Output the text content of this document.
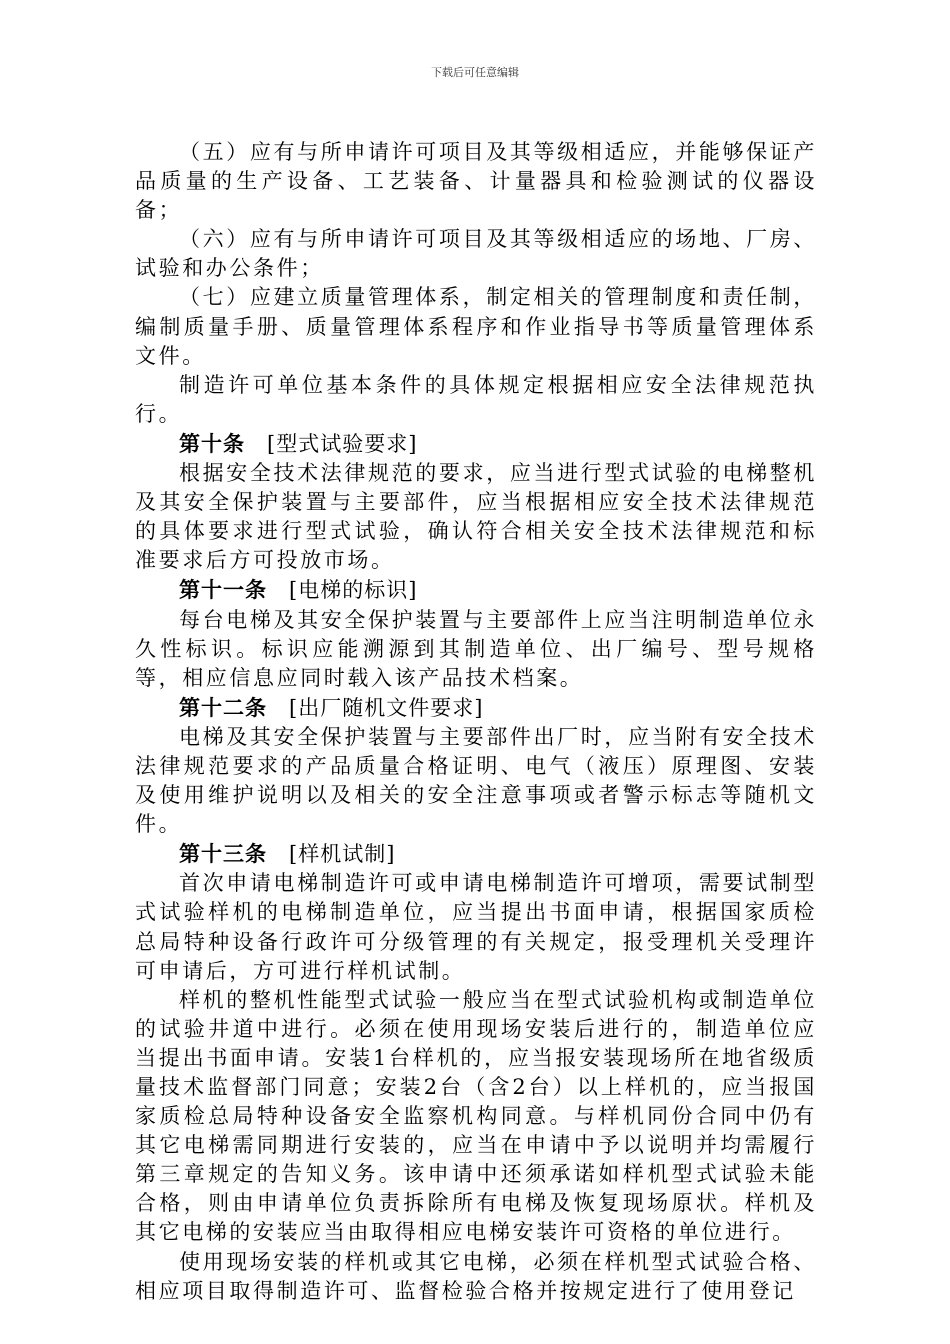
下载后可任意编辑

（五）应有与所申请许可项目及其等级相适应，并能够保证产品质量的生产设备、工艺装备、计量器具和检验测试的仪器设备；

（六）应有与所申请许可项目及其等级相适应的场地、厂房、试验和办公条件；

（七）应建立质量管理体系，制定相关的管理制度和责任制，编制质量手册、质量管理体系程序和作业指导书等质量管理体系文件。

制造许可单位基本条件的具体规定根据相应安全法律规范执行。

第十条 [型式试验要求]

根据安全技术法律规范的要求，应当进行型式试验的电梯整机及其安全保护装置与主要部件，应当根据相应安全技术法律规范的具体要求进行型式试验，确认符合相关安全技术法律规范和标准要求后方可投放市场。

第十一条 [电梯的标识]

每台电梯及其安全保护装置与主要部件上应当注明制造单位永久性标识。标识应能溯源到其制造单位、出厂编号、型号规格等，相应信息应同时载入该产品技术档案。

第十二条 [出厂随机文件要求]

电梯及其安全保护装置与主要部件出厂时，应当附有安全技术法律规范要求的产品质量合格证明、电气（液压）原理图、安装及使用维护说明以及相关的安全注意事项或者警示标志等随机文件。

第十三条 [样机试制]

首次申请电梯制造许可或申请电梯制造许可增项，需要试制型式试验样机的电梯制造单位，应当提出书面申请，根据国家质检总局特种设备行政许可分级管理的有关规定，报受理机关受理许可申请后，方可进行样机试制。

样机的整机性能型式试验一般应当在型式试验机构或制造单位的试验井道中进行。必须在使用现场安装后进行的，制造单位应当提出书面申请。安装1台样机的，应当报安装现场所在地省级质量技术监督部门同意；安装2台（含2台）以上样机的，应当报国家质检总局特种设备安全监察机构同意。与样机同份合同中仍有其它电梯需同期进行安装的，应当在申请中予以说明并均需履行第三章规定的告知义务。该申请中还须承诺如样机型式试验未能合格，则由申请单位负责拆除所有电梯及恢复现场原状。样机及其它电梯的安装应当由取得相应电梯安装许可资格的单位进行。

使用现场安装的样机或其它电梯，必须在样机型式试验合格、相应项目取得制造许可、监督检验合格并按规定进行了使用登记
